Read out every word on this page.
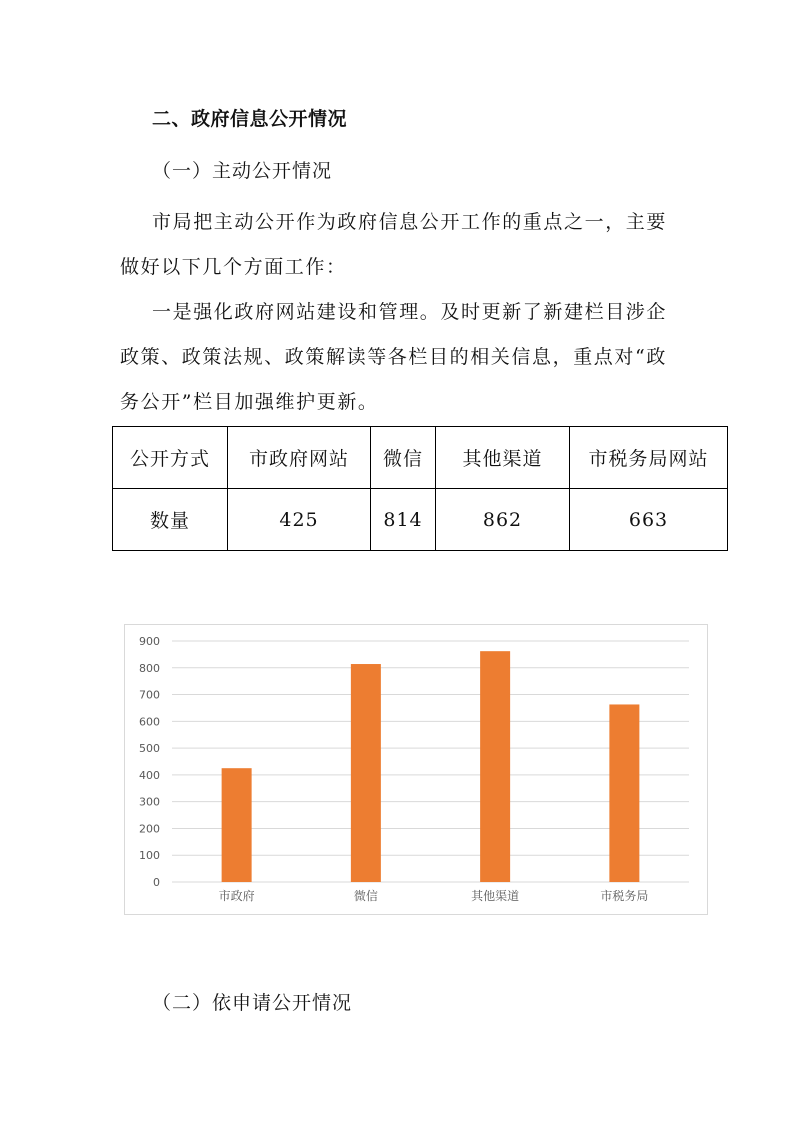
二、政府信息公开情况
（一）主动公开情况

市局把主动公开作为政府信息公开工作的重点之一，主要做好以下几个方面工作：

一是强化政府网站建设和管理。及时更新了新建栏目涉企政策、政策法规、政策解读等各栏目的相关信息，重点对“政务公开”栏目加强维护更新。

公开方式	市政府网站	微信	其他渠道	市税务局网站
数量	425	814	862	663
0
100
200
300
400
500
600
700
800
900
市政府	微信	其他渠道	市税务局
（二）依申请公开情况
